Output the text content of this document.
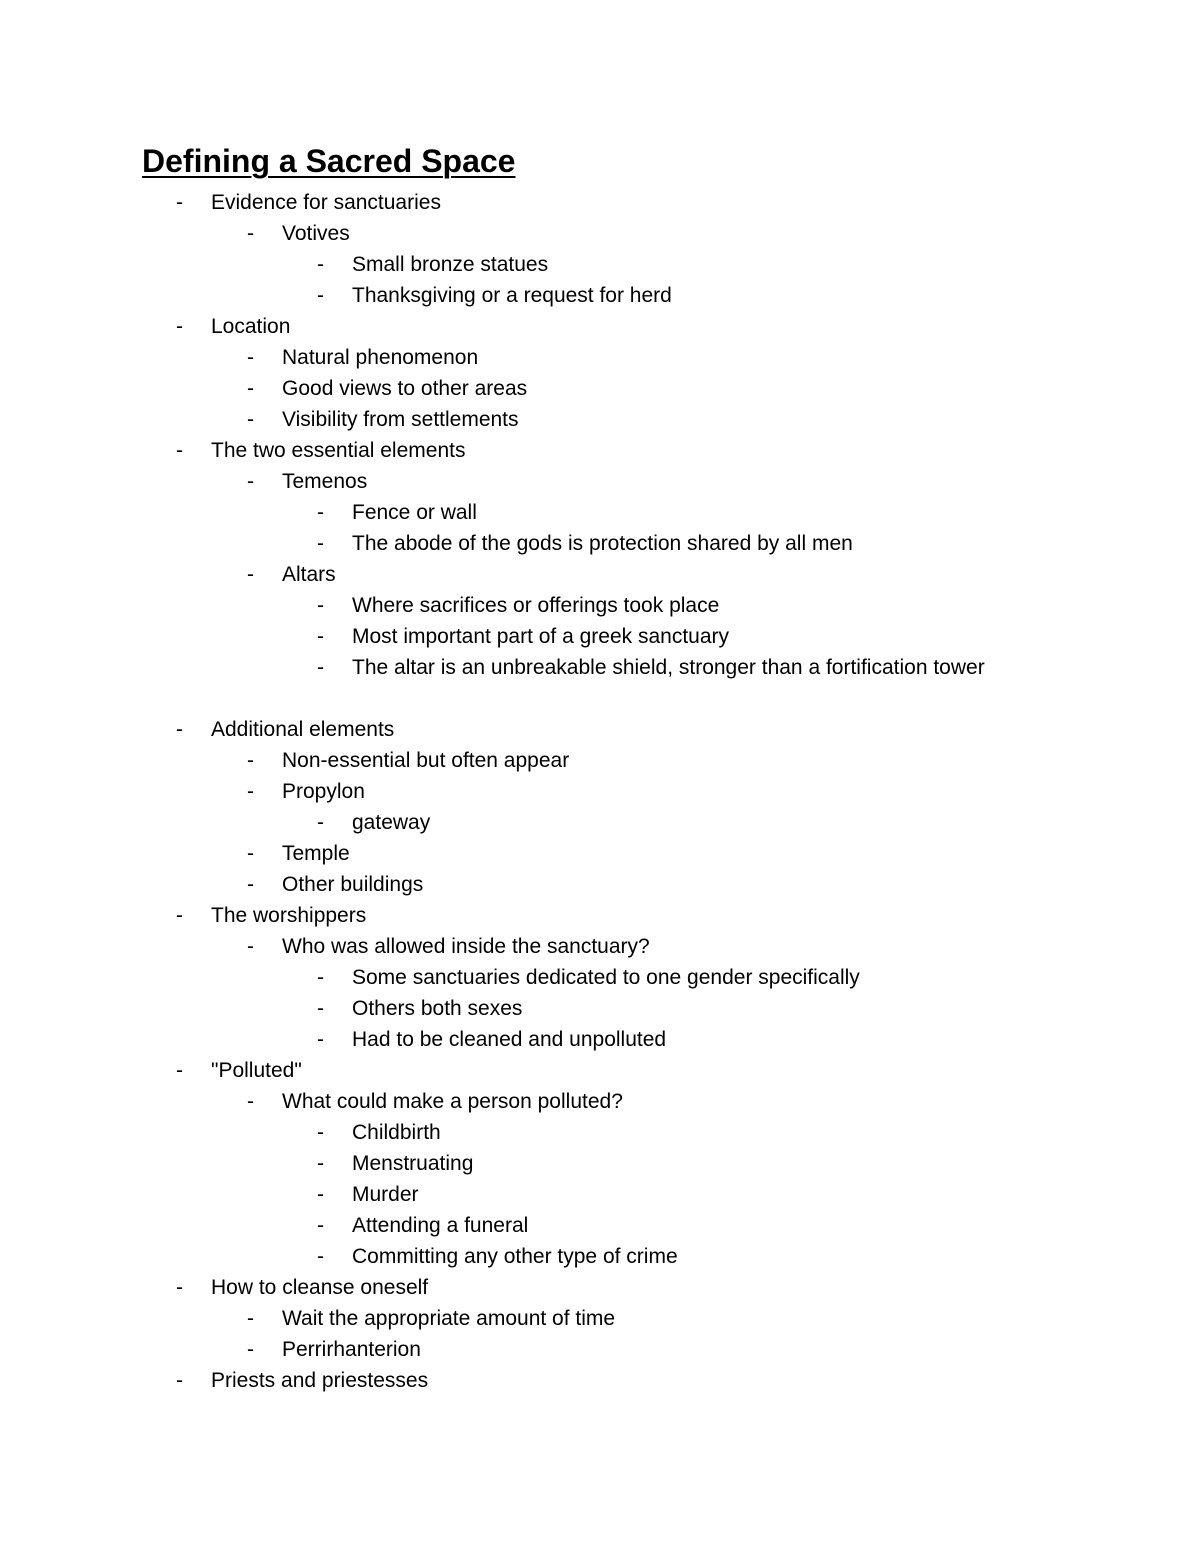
Defining a Sacred Space
- Evidence for sanctuaries
- Votives
- Small bronze statues
- Thanksgiving or a request for herd
- Location
- Natural phenomenon
- Good views to other areas
- Visibility from settlements
- The two essential elements
- Temenos
- Fence or wall
- The abode of the gods is protection shared by all men
- Altars
- Where sacrifices or offerings took place
- Most important part of a greek sanctuary
- The altar is an unbreakable shield, stronger than a fortification tower
- Additional elements
- Non-essential but often appear
- Propylon
- gateway
- Temple
- Other buildings
- The worshippers
- Who was allowed inside the sanctuary?
- Some sanctuaries dedicated to one gender specifically
- Others both sexes
- Had to be cleaned and unpolluted
- "Polluted"
- What could make a person polluted?
- Childbirth
- Menstruating
- Murder
- Attending a funeral
- Committing any other type of crime
- How to cleanse oneself
- Wait the appropriate amount of time
- Perrirhanterion
- Priests and priestesses
